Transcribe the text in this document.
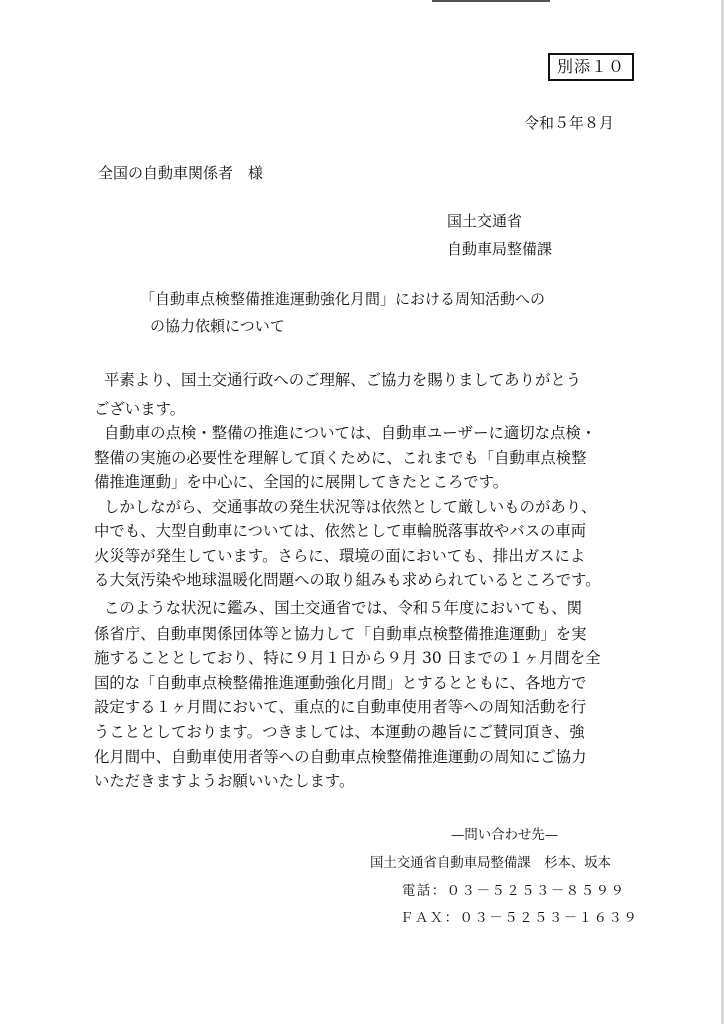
別添１０
令和５年８月
全国の自動車関係者　様
国土交通省
自動車局整備課
「自動車点検整備推進運動強化月間」における周知活動への
の協力依頼について
平素より、国土交通行政へのご理解、ご協力を賜りましてありがとう
ございます。
自動車の点検・整備の推進については、自動車ユーザーに適切な点検・
整備の実施の必要性を理解して頂くために、これまでも「自動車点検整
備推進運動」を中心に、全国的に展開してきたところです。
しかしながら、交通事故の発生状況等は依然として厳しいものがあり、
中でも、大型自動車については、依然として車輪脱落事故やバスの車両
火災等が発生しています。さらに、環境の面においても、排出ガスによ
る大気汚染や地球温暖化問題への取り組みも求められているところです。
このような状況に鑑み、国土交通省では、令和５年度においても、関
係省庁、自動車関係団体等と協力して「自動車点検整備推進運動」を実
施することとしており、特に９月１日から９月 30 日までの１ヶ月間を全
国的な「自動車点検整備推進運動強化月間」とするとともに、各地方で
設定する１ヶ月間において、重点的に自動車使用者等への周知活動を行
うこととしております。つきましては、本運動の趣旨にご賛同頂き、強
化月間中、自動車使用者等への自動車点検整備推進運動の周知にご協力
いただきますようお願いいたします。
—問い合わせ先—
国土交通省自動車局整備課　杉本、坂本
電話：０３－５２５３－８５９９
ＦＡＸ：０３－５２５３－１６３９
